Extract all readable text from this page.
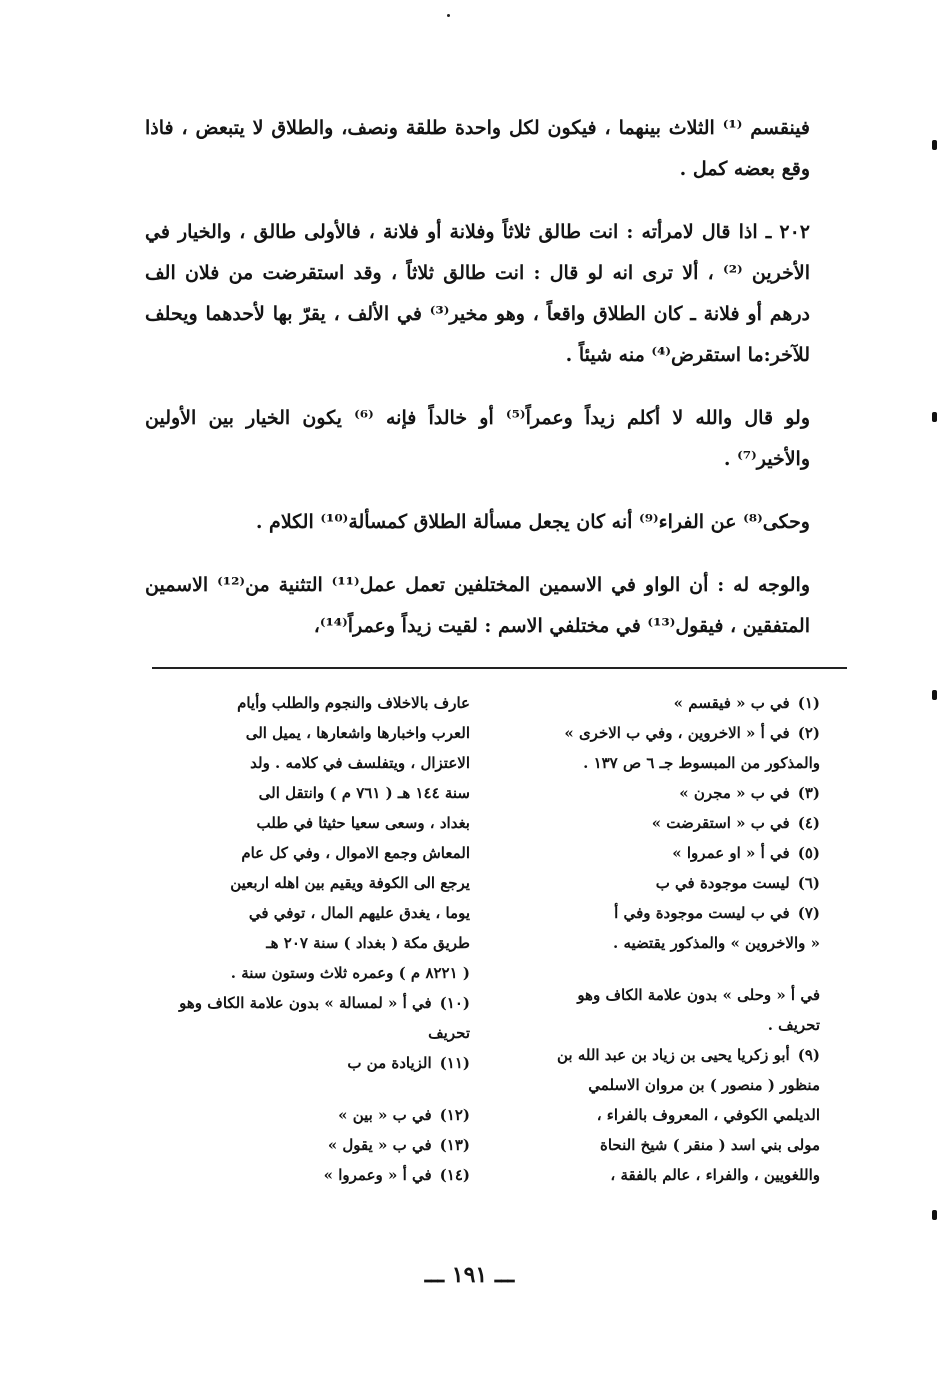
فينقسم ⁽¹⁾ الثلاث بينهما ، فيكون لكل واحدة طلقة ونصف، والطلاق لا يتبعض ، فاذا وقع بعضه كمل .

٢٠٢ ـ اذا قال لامرأته : انت طالق ثلاثاً وفلانة أو فلانة ، فالأولى طالق ، والخيار في الأخرين ⁽²⁾ ، ألا ترى انه لو قال : انت طالق ثلاثاً ، وقد استقرضت من فلان الف درهم أو فلانة ـ كان الطلاق واقعاً ، وهو مخير⁽³⁾ في الألف ، يقرّ بها لأحدهما ويحلف للآخر:ما استقرض⁽⁴⁾ منه شيئاً .

ولو قال والله لا أكلم زيداً وعمراً⁽⁵⁾ أو خالداً فإنه ⁽⁶⁾ يكون الخيار بين الأولين والأخير⁽⁷⁾ .

وحكى⁽⁸⁾ عن الفراء⁽⁹⁾ أنه كان يجعل مسألة الطلاق كمسألة⁽¹⁰⁾ الكلام .

والوجه له : أن الواو في الاسمين المختلفين تعمل عمل⁽¹¹⁾ التثنية من⁽¹²⁾ الاسمين المتفقين ، فيقول⁽¹³⁾ في مختلفي الاسم : لقيت زيداً وعمراً⁽¹⁴⁾،

(١)
في ب « فيقسم »
(٢)
في أ « الاخروين ، وفي ب الاخرى »
والمذكور من المبسوط جـ ٦ ص ١٣٧ .
(٣)
في ب « مجرن »
(٤)
في ب « استقرضت »
(٥)
في أ « او عمروا »
(٦)
ليست موجودة في ب
(٧)
في ب ليست موجودة وفي أ
« والاخروين » والمذكور يقتضيه .
في أ « وحلى » بدون علامة الكاف وهو
تحريف .
(٩)
أبو زكريا يحيى بن زياد بن عبد الله بن
منظور ( منصور ) بن مروان الاسلمي
الديلمي الكوفي ، المعروف بالفراء ،
مولى بني اسد ( منقر ) شيخ النحاة
واللغويين ، والفراء ، عالم بالفقة ،
عارف بالاخلاف والنجوم والطلب وأيام
العرب واخبارها واشعارها ، يميل الى
الاعتزال ، ويتفلسف في كلامه . ولد
سنة ١٤٤ هـ ( ٧٦١ م ) وانتقل الى
بغداد ، وسعى سعيا حثيثا في طلب
المعاش وجمع الاموال ، وفي كل عام
يرجع الى الكوفة ويقيم بين اهله اربعين
يوما ، يغدق عليهم المال ، توفي في
طريق مكة ( بغداد ) سنة ٢٠٧ هـ
( ٨٢٢١ م ) وعمره ثلاث وستون سنة .
(١٠)
في أ « لمسالة » بدون علامة الكاف وهو
تحريف
(١١)
الزيادة من ب
(١٢)
في ب « بين »
(١٣)
في ب « يقول »
(١٤)
في أ « وعمروا »
ـــ ١٩١ ـــ
